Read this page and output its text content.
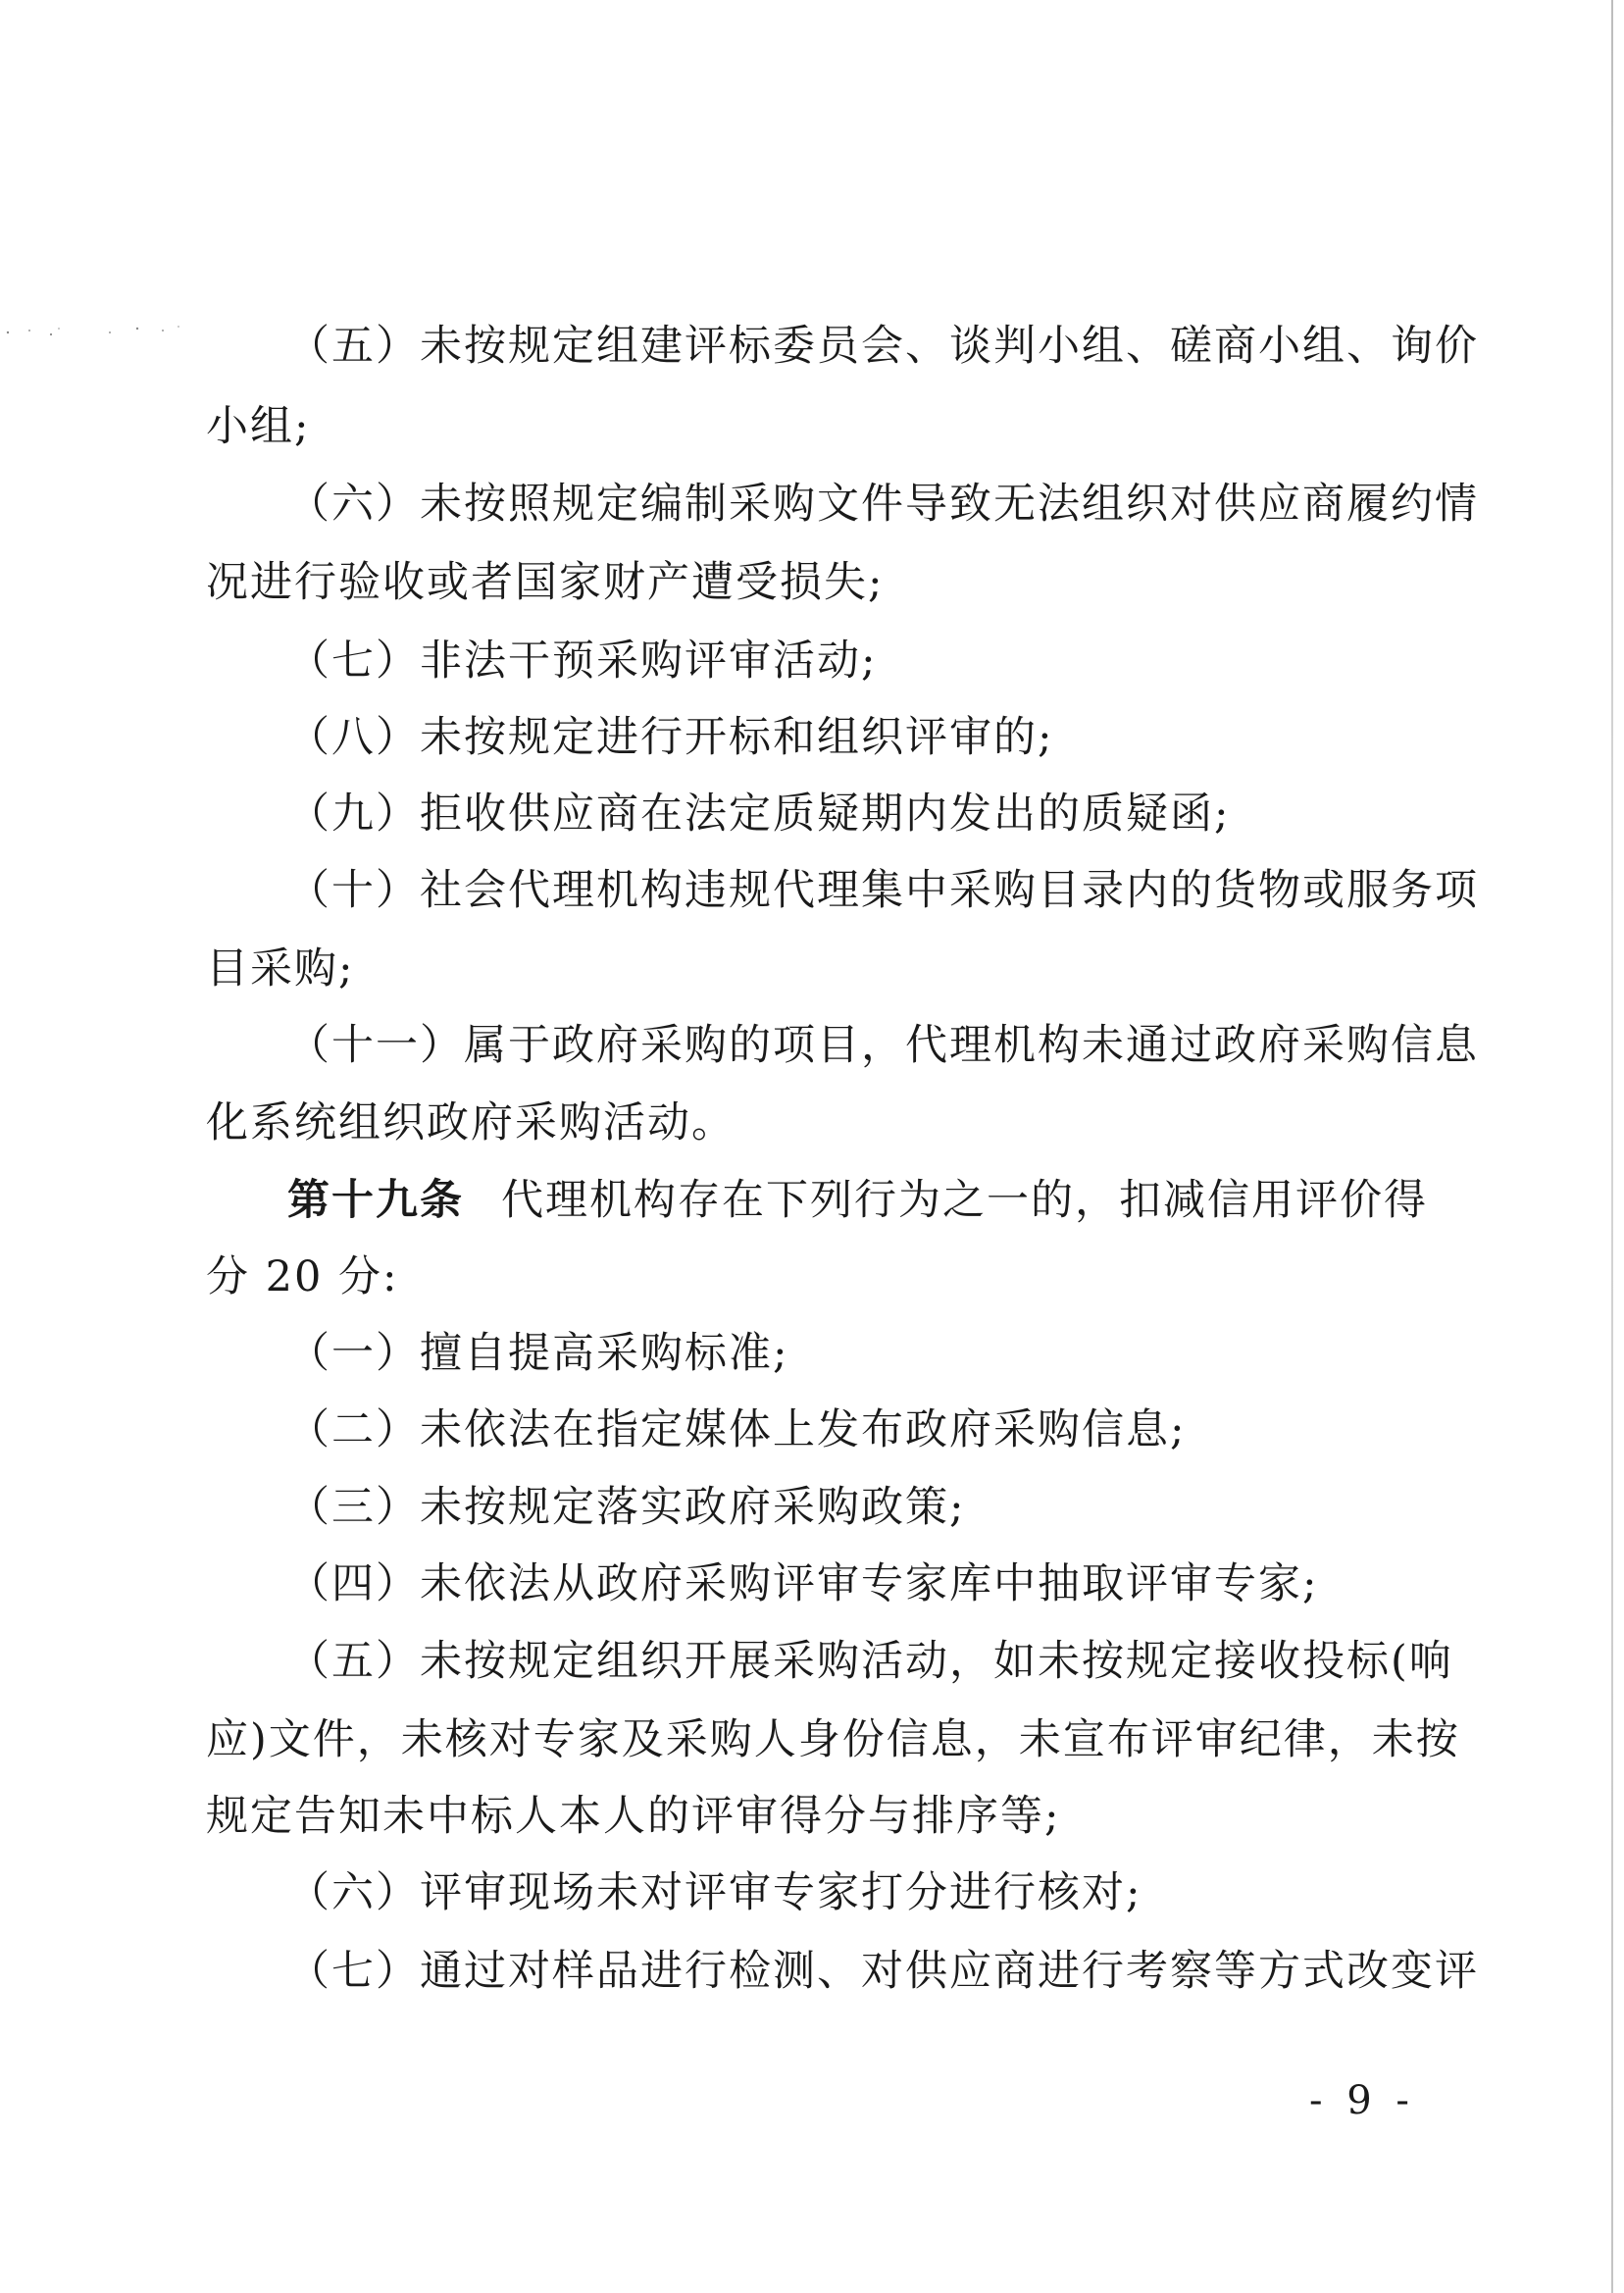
（五）未按规定组建评标委员会、谈判小组、磋商小组、询价
小组;
（六）未按照规定编制采购文件导致无法组织对供应商履约情
况进行验收或者国家财产遭受损失;
（七）非法干预采购评审活动;
（八）未按规定进行开标和组织评审的;
（九）拒收供应商在法定质疑期内发出的质疑函;
（十）社会代理机构违规代理集中采购目录内的货物或服务项
目采购;
（十一）属于政府采购的项目，代理机构未通过政府采购信息
化系统组织政府采购活动。
第十九条 代理机构存在下列行为之一的，扣减信用评价得
分 20 分:
（一）擅自提高采购标准;
（二）未依法在指定媒体上发布政府采购信息;
（三）未按规定落实政府采购政策;
（四）未依法从政府采购评审专家库中抽取评审专家;
（五）未按规定组织开展采购活动，如未按规定接收投标(响
应)文件，未核对专家及采购人身份信息，未宣布评审纪律，未按
规定告知未中标人本人的评审得分与排序等;
（六）评审现场未对评审专家打分进行核对;
（七）通过对样品进行检测、对供应商进行考察等方式改变评
- 9 -
